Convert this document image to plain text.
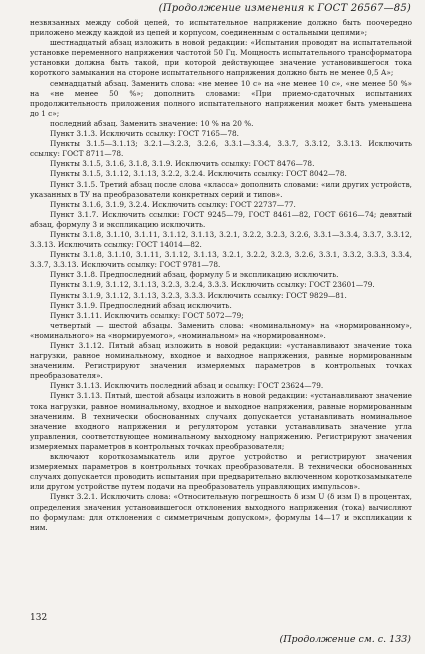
(Продолжение изменения к ГОСТ 26567—85)

незвязанных между собой цепей, то испытательное напряжение должно быть поочередно приложено между каждой из цепей и корпусом, соединенным с остальными цепями»;

шестнадцатый абзац изложить в новой редакции: «Испытания проводят на испытательной установке переменного напряжения частотой 50 Гц. Мощность испытательного трансформатора установки должна быть такой, при которой действующее значение установившегося тока короткого замыкания на стороне испытательного напряжения должно быть не менее 0,5 А»;

семнадцатый абзац. Заменить слова: «не менее 10 с» на «не менее 10 с», «не менее 50 %» на «не менее 50 %»; дополнить словами: «При приемо-сдаточных испытаниях продолжительность приложения полного испытательного напряжения может быть уменьшена до 1 с»;

последний абзац. Заменить значение: 10 % на 20 %.

Пункт 3.1.3. Исключить ссылку: ГОСТ 7165—78.

Пункты 3.1.5—3.1.13; 3.2.1—3.2.3, 3.2.6, 3.3.1—3.3.4, 3.3.7, 3.3.12, 3.3.13. Исключить ссылку: ГОСТ 8711—78.

Пункты 3.1.5, 3.1.6, 3.1.8, 3.1.9. Исключить ссылку: ГОСТ 8476—78.

Пункты 3.1.5, 3.1.12, 3.1.13, 3.2.2, 3.2.4. Исключить ссылку: ГОСТ 8042—78.

Пункт 3.1.5. Третий абзац после слова «класса» дополнить словами: «или других устройств, указанных в ТУ на преобразователи конкретных серий и типов».

Пункты 3.1.6, 3.1.9, 3.2.4. Исключить ссылку: ГОСТ 22737—77.

Пункт 3.1.7. Исключить ссылки: ГОСТ 9245—79, ГОСТ 8461—82, ГОСТ 6616—74; девятый абзац, формулу 3 и экспликацию исключить.

Пункты 3.1.8, 3.1.10, 3.1.11, 3.1.12, 3.1.13, 3.2.1, 3.2.2, 3.2.3, 3.2.6, 3.3.1—3.3.4, 3.3.7, 3.3.12, 3.3.13. Исключить ссылку: ГОСТ 14014—82.

Пункты 3.1.8, 3.1.10, 3.1.11, 3.1.12, 3.1.13, 3.2.1, 3.2.2, 3.2.3, 3.2.6, 3.3.1, 3.3.2, 3.3.3, 3.3.4, 3.3.7, 3.3.13. Исключить ссылку: ГОСТ 9781—78.

Пункт 3.1.8. Предпоследний абзац, формулу 5 и экспликацию исключить.

Пункты 3.1.9, 3.1.12, 3.1.13, 3.2.3, 3.2.4, 3.3.3. Исключить ссылку: ГОСТ 23601—79.

Пункты 3.1.9, 3.1.12, 3.1.13, 3.2.3, 3.3.3. Исключить ссылку: ГОСТ 9829—81.

Пункт 3.1.9. Предпоследний абзац исключить.

Пункт 3.1.11. Исключить ссылку: ГОСТ 5072—79;

четвертый — шестой абзацы. Заменить слова: «номинальному» на «нормированному», «номинального» на «нормируемого», «номинальном» на «нормированном».

Пункт 3.1.12. Пятый абзац изложить в новой редакции: «устанавливают значение тока нагрузки, равное номинальному, входное и выходное напряжения, равные нормированным значениям. Регистрируют значения измеряемых параметров в контрольных точках преобразователя».

Пункт 3.1.13. Исключить последний абзац и ссылку: ГОСТ 23624—79.

Пункт 3.1.13. Пятый, шестой абзацы изложить в новой редакции: «устанавливают значение тока нагрузки, равное номинальному, входное и выходное напряжения, равные нормированным значениям. В технически обоснованных случаях допускается устанавливать номинальное значение входного напряжения и регулятором уставки устанавливать значение угла управления, соответствующее номинальному выходному напряжению. Регистрируют значения измеряемых параметров в контрольных точках преобразователя;

включают короткозамыкатель или другое устройство и регистрируют значения измеряемых параметров в контрольных точках преобразователя. В технически обоснованных случаях допускается проводить испытания при предварительно включенном короткозамыкателе или другом устройстве путем подачи на преобразователь управляющих импульсов».

Пункт 3.2.1. Исключить слова: «Относительную погрешность δ изм U (δ изм I) в процентах, определения значения установившегося отклонения выходного напряжения (тока) вычисляют по формулам: для отклонения с симметричным допуском», формулы 14—17 и экспликации к ним.

132
(Продолжение см. с. 133)
